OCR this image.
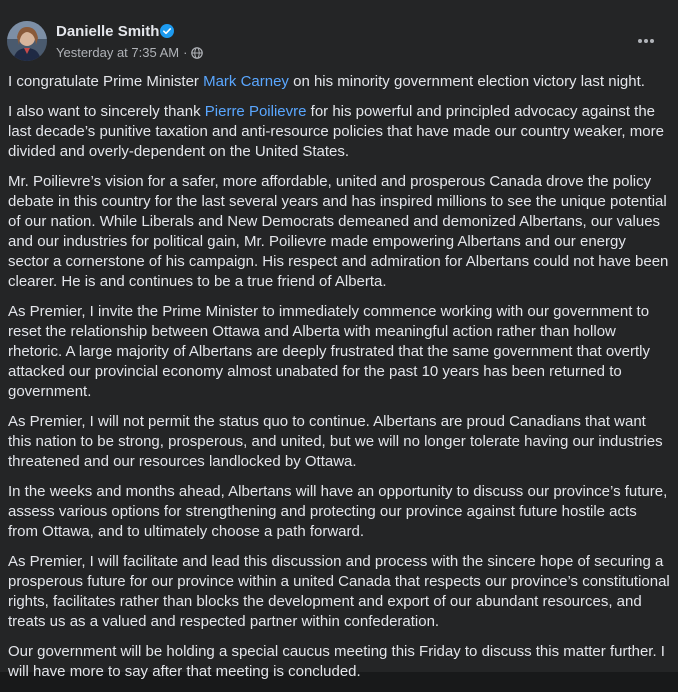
Danielle Smith
Yesterday at 7:35 AM ·

I congratulate Prime Minister Mark Carney on his minority government election victory last night.

I also want to sincerely thank Pierre Poilievre for his powerful and principled advocacy against the last decade’s punitive taxation and anti-resource policies that have made our country weaker, more divided and overly-dependent on the United States.

Mr. Poilievre’s vision for a safer, more affordable, united and prosperous Canada drove the policy debate in this country for the last several years and has inspired millions to see the unique potential of our nation. While Liberals and New Democrats demeaned and demonized Albertans, our values and our industries for political gain, Mr. Poilievre made empowering Albertans and our energy sector a cornerstone of his campaign. His respect and admiration for Albertans could not have been clearer. He is and continues to be a true friend of Alberta.

As Premier, I invite the Prime Minister to immediately commence working with our government to reset the relationship between Ottawa and Alberta with meaningful action rather than hollow rhetoric. A large majority of Albertans are deeply frustrated that the same government that overtly attacked our provincial economy almost unabated for the past 10 years has been returned to government.

As Premier, I will not permit the status quo to continue. Albertans are proud Canadians that want this nation to be strong, prosperous, and united, but we will no longer tolerate having our industries threatened and our resources landlocked by Ottawa.

In the weeks and months ahead, Albertans will have an opportunity to discuss our province’s future, assess various options for strengthening and protecting our province against future hostile acts from Ottawa, and to ultimately choose a path forward.

As Premier, I will facilitate and lead this discussion and process with the sincere hope of securing a prosperous future for our province within a united Canada that respects our province’s constitutional rights, facilitates rather than blocks the development and export of our abundant resources, and treats us as a valued and respected partner within confederation.

Our government will be holding a special caucus meeting this Friday to discuss this matter further. I will have more to say after that meeting is concluded.
